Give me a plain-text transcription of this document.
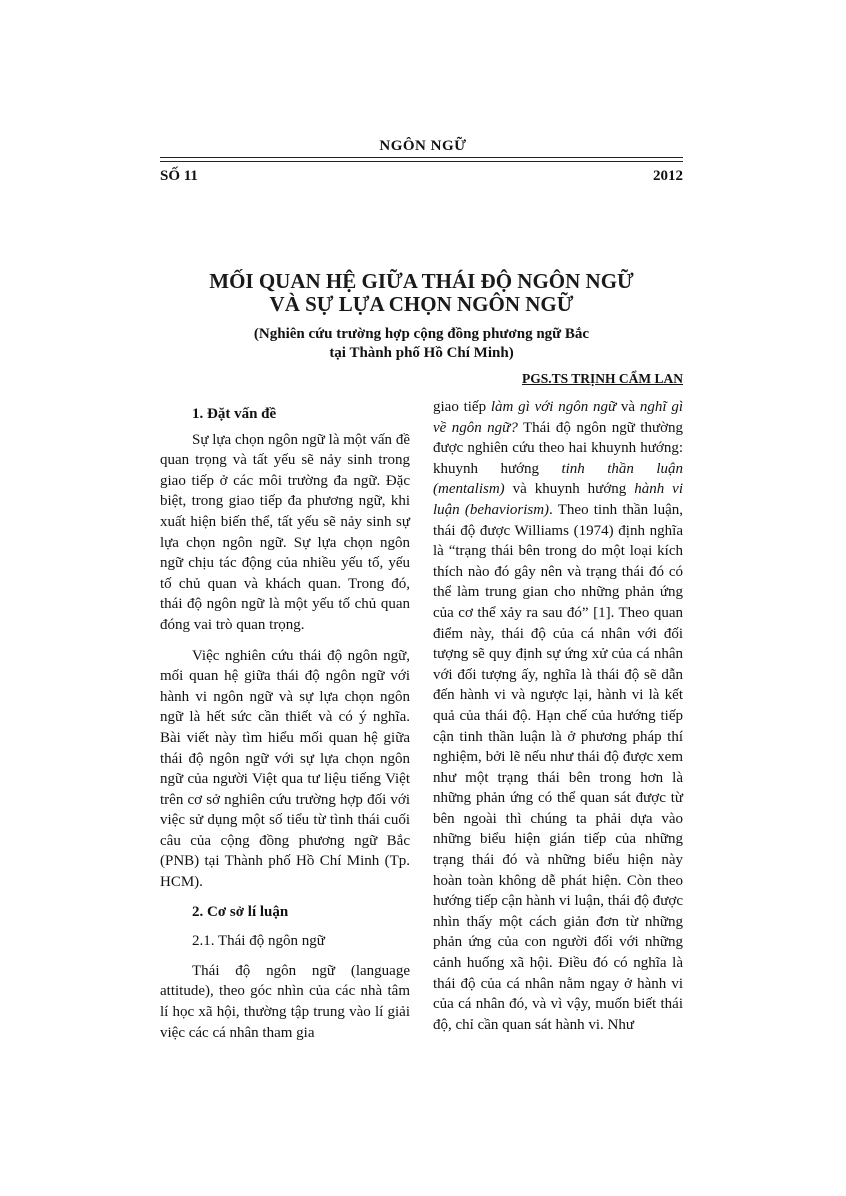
NGÔN NGỮ
SỐ 11	2012
MỐI QUAN HỆ GIỮA THÁI ĐỘ NGÔN NGỮ
VÀ SỰ LỰA CHỌN NGÔN NGỮ
(Nghiên cứu trường hợp cộng đồng phương ngữ Bắc
tại Thành phố Hồ Chí Minh)
PGS.TS TRỊNH CẨM LAN
1. Đặt vấn đề

Sự lựa chọn ngôn ngữ là một vấn đề quan trọng và tất yếu sẽ nảy sinh trong giao tiếp ở các môi trường đa ngữ. Đặc biệt, trong giao tiếp đa phương ngữ, khi xuất hiện biến thể, tất yếu sẽ nảy sinh sự lựa chọn ngôn ngữ. Sự lựa chọn ngôn ngữ chịu tác động của nhiều yếu tố, yếu tố chủ quan và khách quan. Trong đó, thái độ ngôn ngữ là một yếu tố chủ quan đóng vai trò quan trọng.

Việc nghiên cứu thái độ ngôn ngữ, mối quan hệ giữa thái độ ngôn ngữ với hành vi ngôn ngữ và sự lựa chọn ngôn ngữ là hết sức cần thiết và có ý nghĩa. Bài viết này tìm hiểu mối quan hệ giữa thái độ ngôn ngữ với sự lựa chọn ngôn ngữ của người Việt qua tư liệu tiếng Việt trên cơ sở nghiên cứu trường hợp đối với việc sử dụng một số tiểu từ tình thái cuối câu của cộng đồng phương ngữ Bắc (PNB) tại Thành phố Hồ Chí Minh (Tp. HCM).

2. Cơ sở lí luận

2.1. Thái độ ngôn ngữ

Thái độ ngôn ngữ (language attitude), theo góc nhìn của các nhà tâm lí học xã hội, thường tập trung vào lí giải việc các cá nhân tham gia

giao tiếp làm gì với ngôn ngữ và nghĩ gì về ngôn ngữ? Thái độ ngôn ngữ thường được nghiên cứu theo hai khuynh hướng: khuynh hướng tinh thần luận (mentalism) và khuynh hướng hành vi luận (behaviorism). Theo tinh thần luận, thái độ được Williams (1974) định nghĩa là “trạng thái bên trong do một loại kích thích nào đó gây nên và trạng thái đó có thể làm trung gian cho những phản ứng của cơ thể xảy ra sau đó” [1]. Theo quan điểm này, thái độ của cá nhân với đối tượng sẽ quy định sự ứng xử của cá nhân với đối tượng ấy, nghĩa là thái độ sẽ dẫn đến hành vi và ngược lại, hành vi là kết quả của thái độ. Hạn chế của hướng tiếp cận tinh thần luận là ở phương pháp thí nghiệm, bởi lẽ nếu như thái độ được xem như một trạng thái bên trong hơn là những phản ứng có thể quan sát được từ bên ngoài thì chúng ta phải dựa vào những biểu hiện gián tiếp của những trạng thái đó và những biểu hiện này hoàn toàn không dễ phát hiện. Còn theo hướng tiếp cận hành vi luận, thái độ được nhìn thấy một cách giản đơn từ những phản ứng của con người đối với những cảnh huống xã hội. Điều đó có nghĩa là thái độ của cá nhân nằm ngay ở hành vi của cá nhân đó, và vì vậy, muốn biết thái độ, chỉ cần quan sát hành vi. Như
